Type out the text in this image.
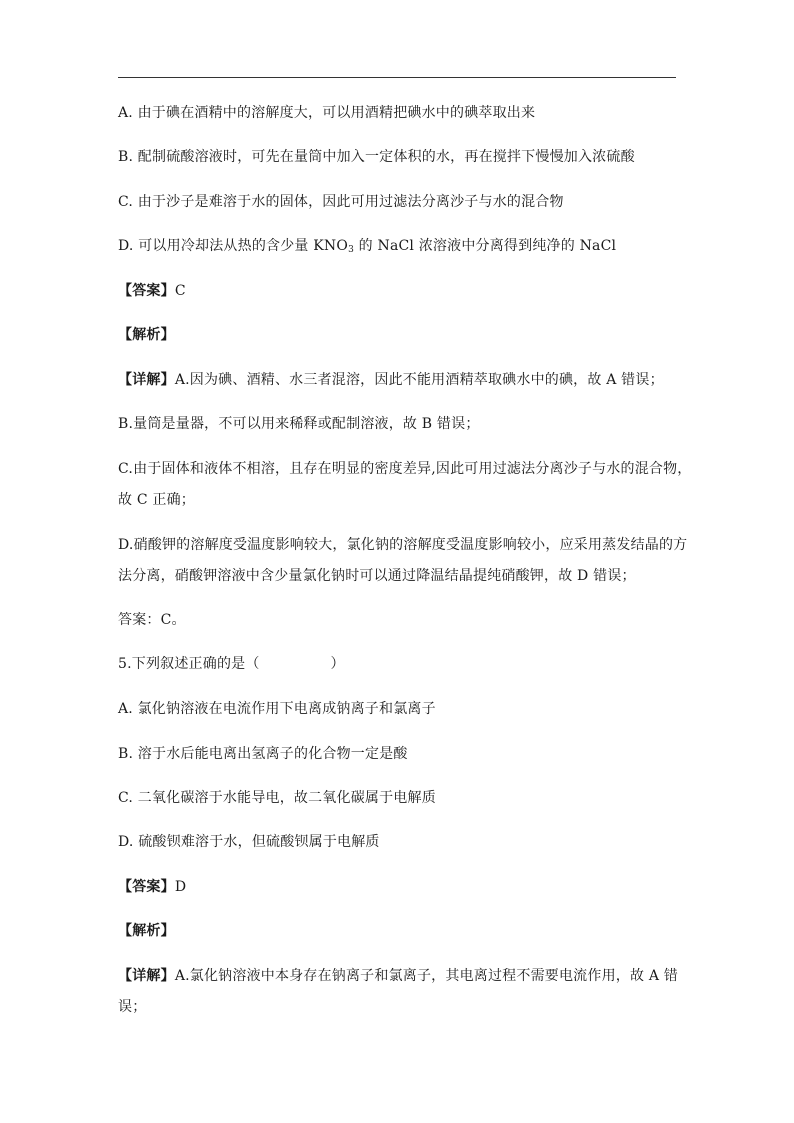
A. 由于碘在酒精中的溶解度大，可以用酒精把碘水中的碘萃取出来
B. 配制硫酸溶液时，可先在量筒中加入一定体积的水，再在搅拌下慢慢加入浓硫酸
C. 由于沙子是难溶于水的固体，因此可用过滤法分离沙子与水的混合物
D. 可以用冷却法从热的含少量 $KNO_3$ 的 NaCl 浓溶液中分离得到纯净的 NaCl
【答案】C
【解析】
【详解】A.因为碘、酒精、水三者混溶，因此不能用酒精萃取碘水中的碘，故 A 错误；
B.量筒是量器，不可以用来稀释或配制溶液，故 B 错误；
C.由于固体和液体不相溶，且存在明显的密度差异,因此可用过滤法分离沙子与水的混合物，
故 C 正确；
D.硝酸钾的溶解度受温度影响较大，氯化钠的溶解度受温度影响较小，应采用蒸发结晶的方
法分离，硝酸钾溶液中含少量氯化钠时可以通过降温结晶提纯硝酸钾，故 D 错误；
答案：C。
5.下列叙述正确的是（　　　　　）
A. 氯化钠溶液在电流作用下电离成钠离子和氯离子
B. 溶于水后能电离出氢离子的化合物一定是酸
C. 二氧化碳溶于水能导电，故二氧化碳属于电解质
D. 硫酸钡难溶于水，但硫酸钡属于电解质
【答案】D
【解析】
【详解】A.氯化钠溶液中本身存在钠离子和氯离子，其电离过程不需要电流作用，故 A 错
误；
